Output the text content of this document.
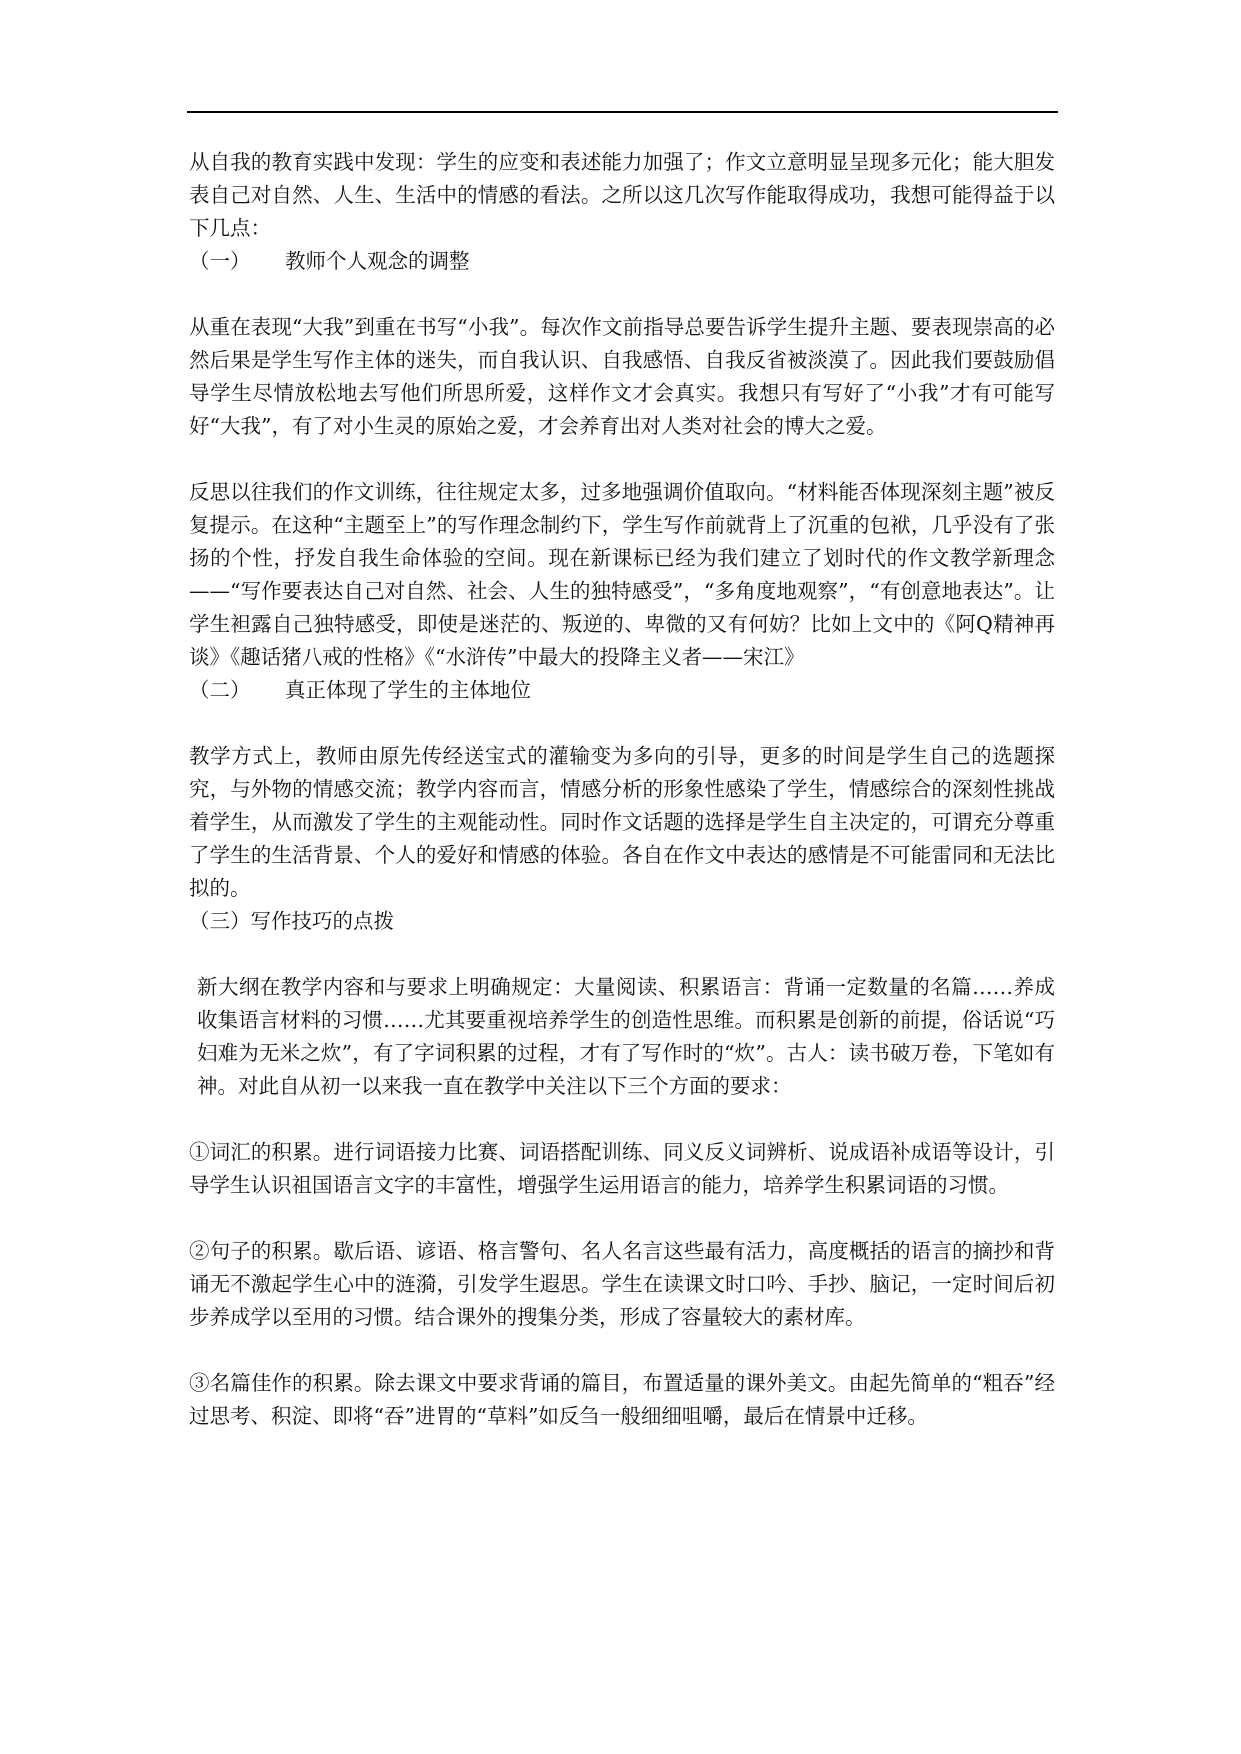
从自我的教育实践中发现：学生的应变和表述能力加强了；作文立意明显呈现多元化；能大胆发表自己对自然、人生、生活中的情感的看法。之所以这几次写作能取得成功，我想可能得益于以下几点：

（一） 教师个人观念的调整

从重在表现“大我”到重在书写“小我”。每次作文前指导总要告诉学生提升主题、要表现崇高的必然后果是学生写作主体的迷失，而自我认识、自我感悟、自我反省被淡漠了。因此我们要鼓励倡导学生尽情放松地去写他们所思所爱，这样作文才会真实。我想只有写好了“小我”才有可能写好“大我”，有了对小生灵的原始之爱，才会养育出对人类对社会的博大之爱。

反思以往我们的作文训练，往往规定太多，过多地强调价值取向。“材料能否体现深刻主题”被反复提示。在这种“主题至上”的写作理念制约下，学生写作前就背上了沉重的包袱，几乎没有了张扬的个性，抒发自我生命体验的空间。现在新课标已经为我们建立了划时代的作文教学新理念——“写作要表达自己对自然、社会、人生的独特感受”，“多角度地观察”，“有创意地表达”。让学生袒露自己独特感受，即使是迷茫的、叛逆的、卑微的又有何妨？比如上文中的《阿Q精神再谈》《趣话猪八戒的性格》《“水浒传”中最大的投降主义者——宋江》

（二） 真正体现了学生的主体地位

教学方式上，教师由原先传经送宝式的灌输变为多向的引导，更多的时间是学生自己的选题探究，与外物的情感交流；教学内容而言，情感分析的形象性感染了学生，情感综合的深刻性挑战着学生，从而激发了学生的主观能动性。同时作文话题的选择是学生自主决定的，可谓充分尊重了学生的生活背景、个人的爱好和情感的体验。各自在作文中表达的感情是不可能雷同和无法比拟的。

（三）写作技巧的点拨

新大纲在教学内容和与要求上明确规定：大量阅读、积累语言：背诵一定数量的名篇……养成收集语言材料的习惯……尤其要重视培养学生的创造性思维。而积累是创新的前提，俗话说“巧妇难为无米之炊”，有了字词积累的过程，才有了写作时的“炊”。古人：读书破万卷，下笔如有神。对此自从初一以来我一直在教学中关注以下三个方面的要求：

①词汇的积累。进行词语接力比赛、词语搭配训练、同义反义词辨析、说成语补成语等设计，引导学生认识祖国语言文字的丰富性，增强学生运用语言的能力，培养学生积累词语的习惯。

②句子的积累。歇后语、谚语、格言警句、名人名言这些最有活力，高度概括的语言的摘抄和背诵无不激起学生心中的涟漪，引发学生遐思。学生在读课文时口吟、手抄、脑记，一定时间后初步养成学以至用的习惯。结合课外的搜集分类，形成了容量较大的素材库。

③名篇佳作的积累。除去课文中要求背诵的篇目，布置适量的课外美文。由起先简单的“粗吞”经过思考、积淀、即将“吞”进胃的“草料”如反刍一般细细咀嚼，最后在情景中迁移。
